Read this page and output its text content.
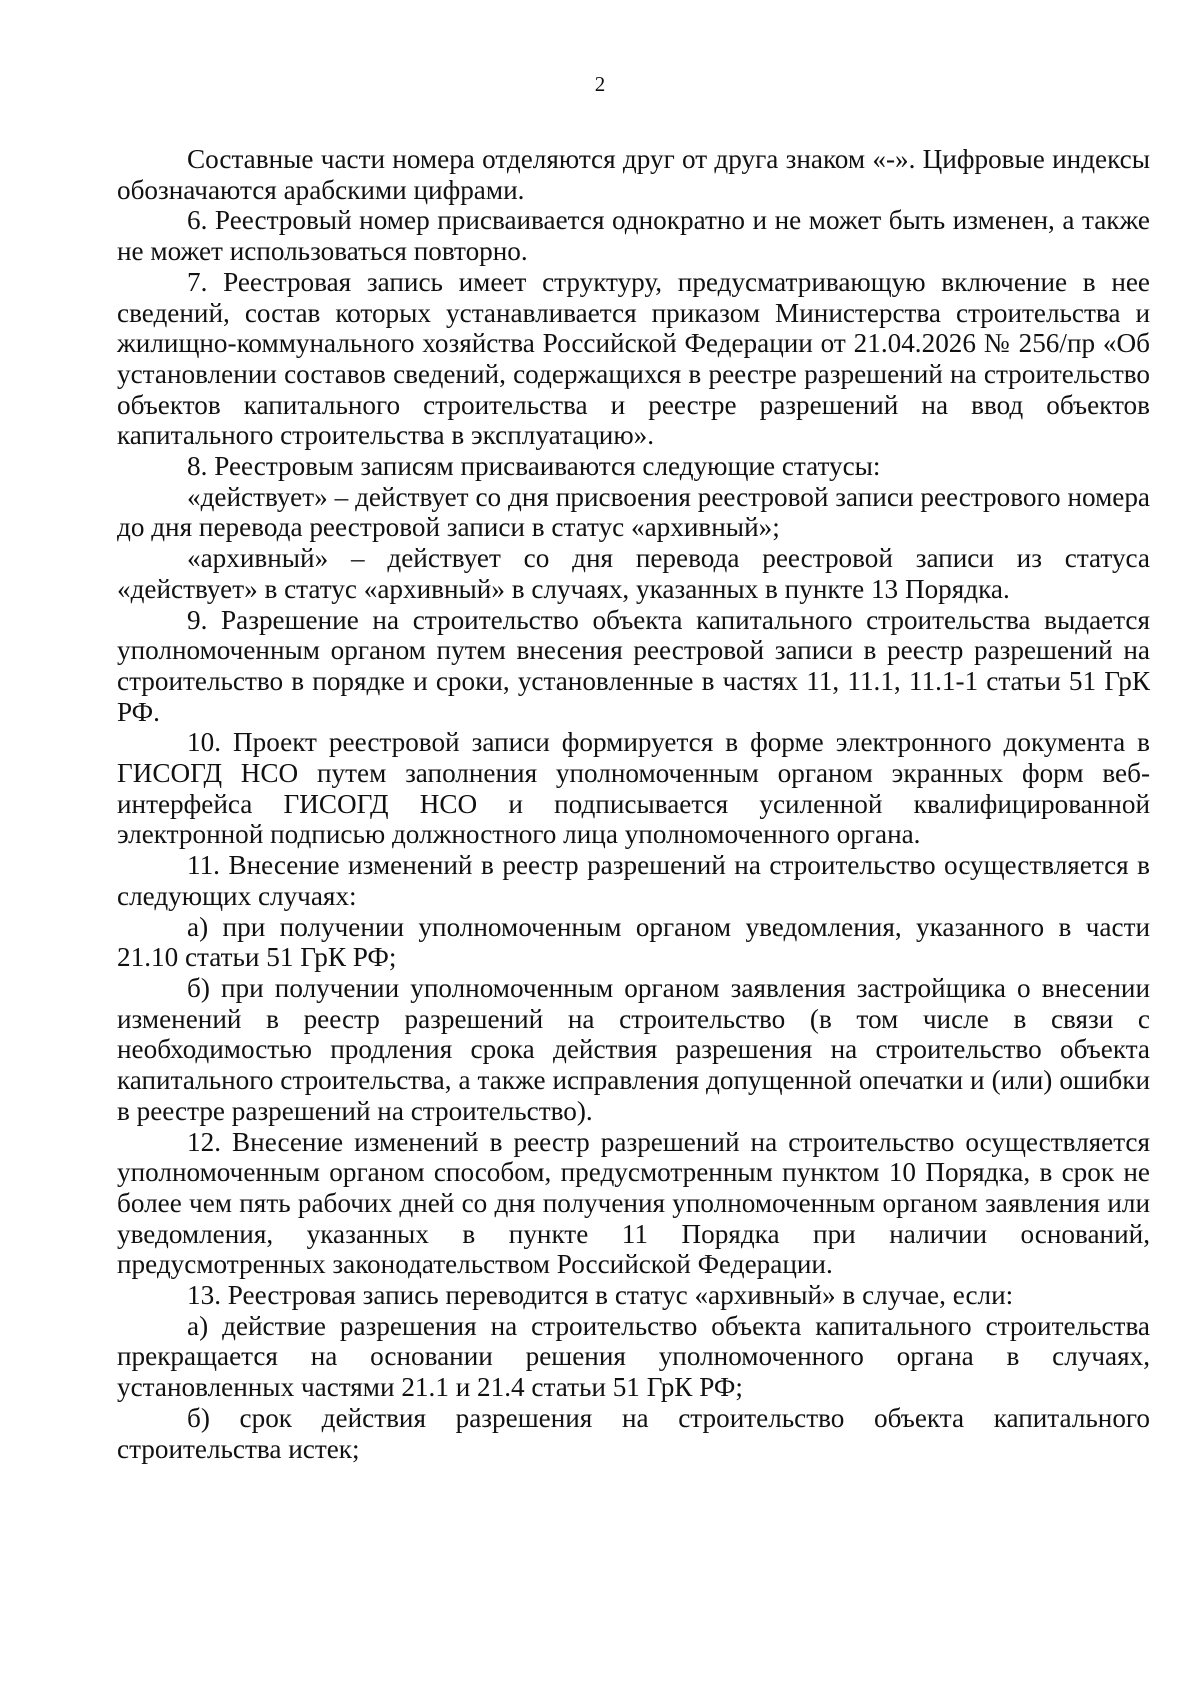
2

Составные части номера отделяются друг от друга знаком «-». Цифровые индексы обозначаются арабскими цифрами.

6. Реестровый номер присваивается однократно и не может быть изменен, а также не может использоваться повторно.

7. Реестровая запись имеет структуру, предусматривающую включение в нее сведений, состав которых устанавливается приказом Министерства строительства и жилищно-коммунального хозяйства Российской Федерации от 21.04.2026 № 256/пр «Об установлении составов сведений, содержащихся в реестре разрешений на строительство объектов капитального строительства и реестре разрешений на ввод объектов капитального строительства в эксплуатацию».

8. Реестровым записям присваиваются следующие статусы:

«действует» – действует со дня присвоения реестровой записи реестрового номера до дня перевода реестровой записи в статус «архивный»;

«архивный» – действует со дня перевода реестровой записи из статуса «действует» в статус «архивный» в случаях, указанных в пункте 13 Порядка.

9. Разрешение на строительство объекта капитального строительства выдается уполномоченным органом путем внесения реестровой записи в реестр разрешений на строительство в порядке и сроки, установленные в частях 11, 11.1, 11.1-1 статьи 51 ГрК РФ.

10. Проект реестровой записи формируется в форме электронного документа в ГИСОГД НСО путем заполнения уполномоченным органом экранных форм веб-интерфейса ГИСОГД НСО и подписывается усиленной квалифицированной электронной подписью должностного лица уполномоченного органа.

11. Внесение изменений в реестр разрешений на строительство осуществляется в следующих случаях:

а) при получении уполномоченным органом уведомления, указанного в части 21.10 статьи 51 ГрК РФ;

б) при получении уполномоченным органом заявления застройщика о внесении изменений в реестр разрешений на строительство (в том числе в связи с необходимостью продления срока действия разрешения на строительство объекта капитального строительства, а также исправления допущенной опечатки и (или) ошибки в реестре разрешений на строительство).

12. Внесение изменений в реестр разрешений на строительство осуществляется уполномоченным органом способом, предусмотренным пунктом 10 Порядка, в срок не более чем пять рабочих дней со дня получения уполномоченным органом заявления или уведомления, указанных в пункте 11 Порядка при наличии оснований, предусмотренных законодательством Российской Федерации.

13. Реестровая запись переводится в статус «архивный» в случае, если:

а) действие разрешения на строительство объекта капитального строительства прекращается на основании решения уполномоченного органа в случаях, установленных частями 21.1 и 21.4 статьи 51 ГрК РФ;

б) срок действия разрешения на строительство объекта капитального строительства истек;
